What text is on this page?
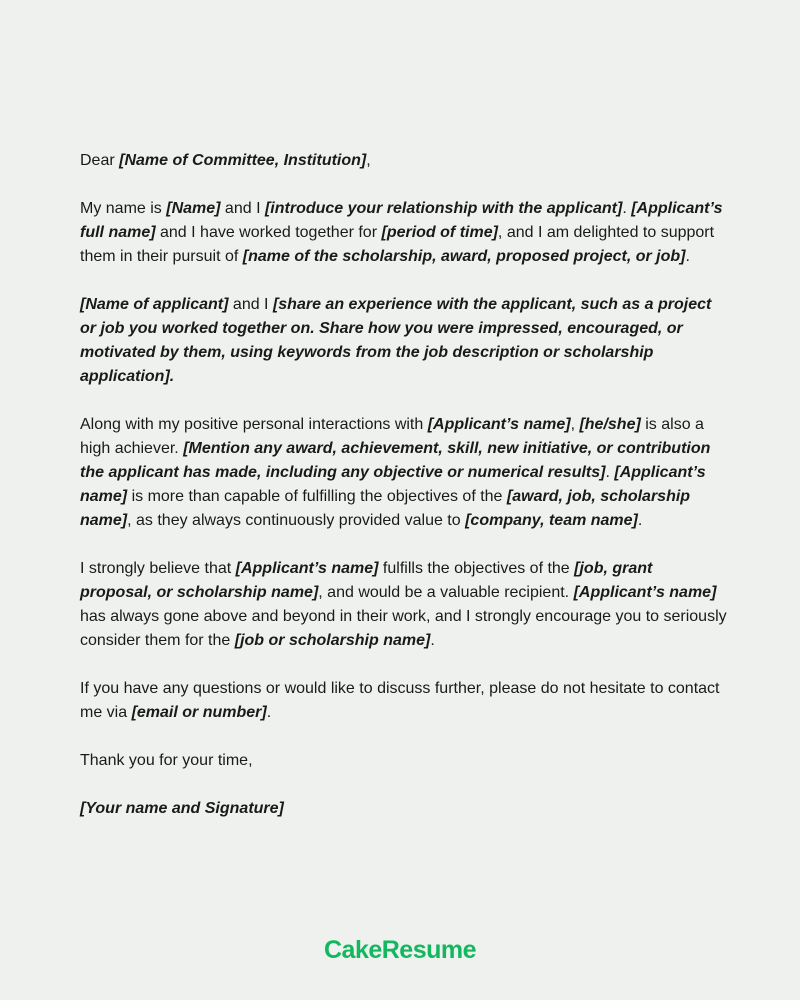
Dear [Name of Committee, Institution],

My name is [Name] and I [introduce your relationship with the applicant]. [Applicant’s full name] and I have worked together for [period of time], and I am delighted to support them in their pursuit of [name of the scholarship, award, proposed project, or job].

[Name of applicant] and I [share an experience with the applicant, such as a project or job you worked together on. Share how you were impressed, encouraged, or motivated by them, using keywords from the job description or scholarship application].

Along with my positive personal interactions with [Applicant’s name], [he/she] is also a high achiever. [Mention any award, achievement, skill, new initiative, or contribution the applicant has made, including any objective or numerical results]. [Applicant’s name] is more than capable of fulfilling the objectives of the [award, job, scholarship name], as they always continuously provided value to [company, team name].

I strongly believe that [Applicant’s name] fulfills the objectives of the [job, grant proposal, or scholarship name], and would be a valuable recipient. [Applicant’s name] has always gone above and beyond in their work, and I strongly encourage you to seriously consider them for the [job or scholarship name].

If you have any questions or would like to discuss further, please do not hesitate to contact me via [email or number].

Thank you for your time,

[Your name and Signature]

CakeResume
